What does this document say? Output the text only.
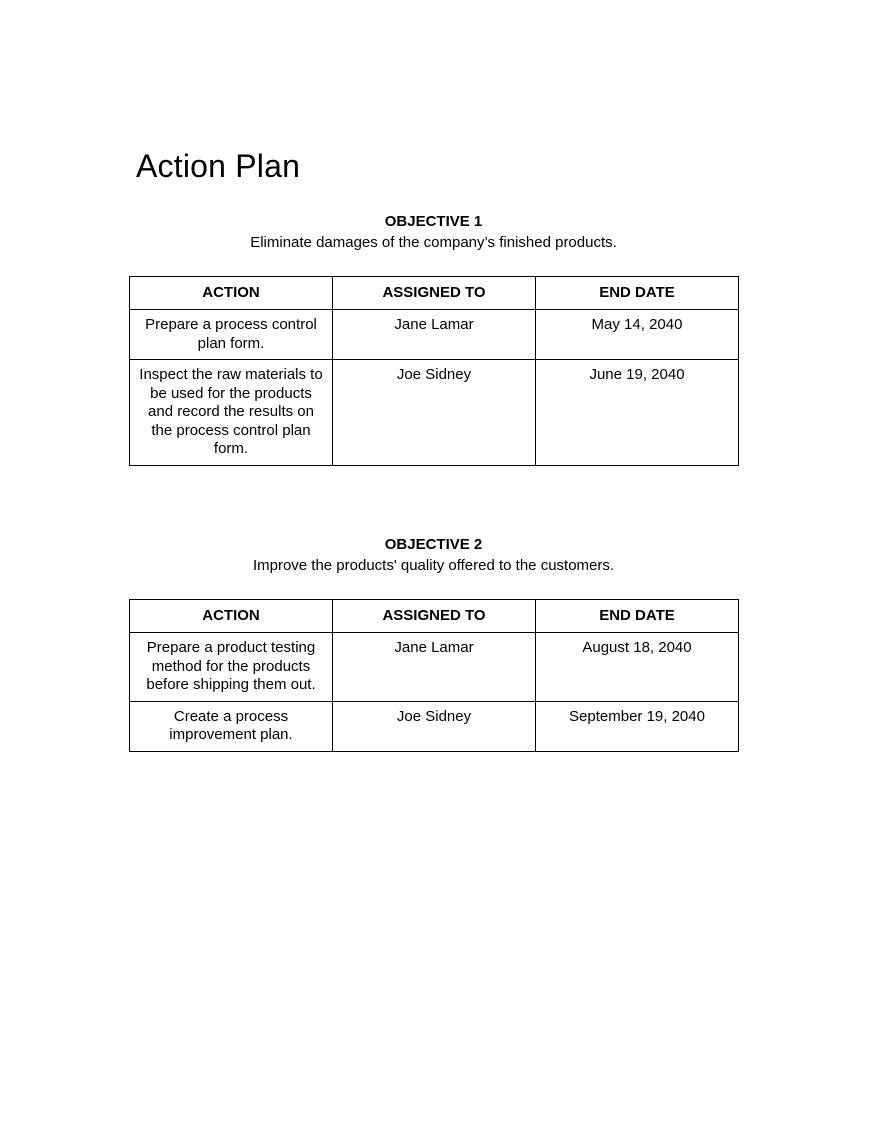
Action Plan
OBJECTIVE 1
Eliminate damages of the company’s finished products.
ACTION	ASSIGNED TO	END DATE
Prepare a process control plan form.	Jane Lamar	May 14, 2040
Inspect the raw materials to be used for the products and record the results on the process control plan form.	Joe Sidney	June 19, 2040
OBJECTIVE 2
Improve the products' quality offered to the customers.
ACTION	ASSIGNED TO	END DATE
Prepare a product testing method for the products before shipping them out.	Jane Lamar	August 18, 2040
Create a process improvement plan.	Joe Sidney	September 19, 2040
